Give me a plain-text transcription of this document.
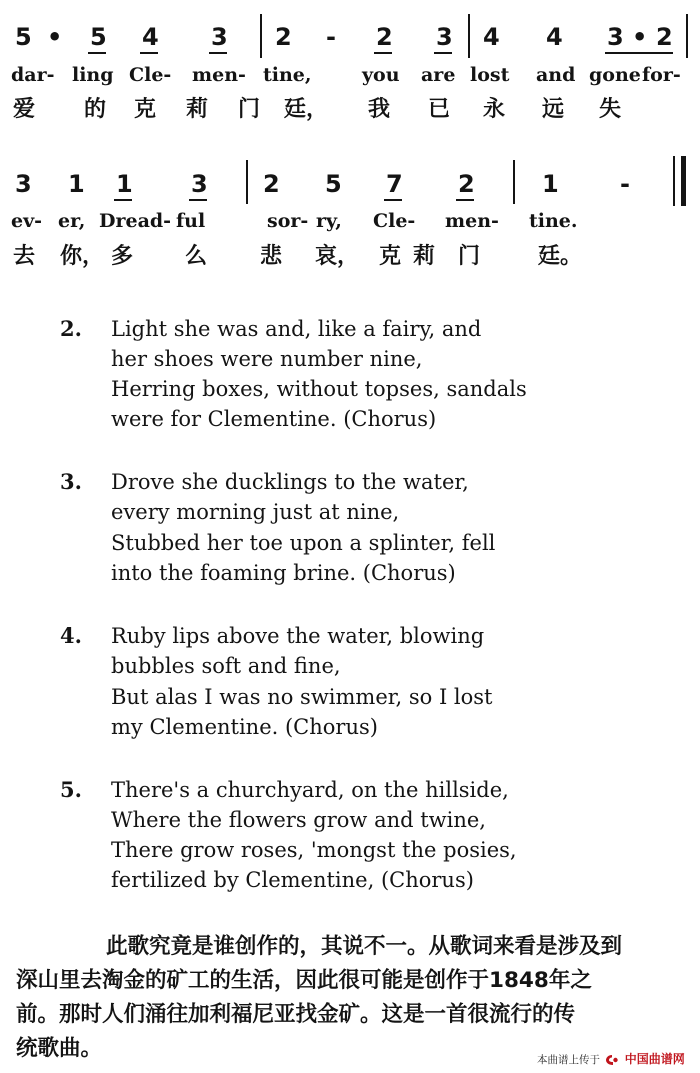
5 • 5 4 3 2 - 2 3 4 4 3 • 2
dar- ling Cle- men- tine,	you are lost and gone for-
爱 的 克 莉 门 廷， 我 已 永 远 失
3 1 1 3 2 5 7 2	1	-
ev- er, Dread- ful	sor- ry, Cle- men- tine.
去 你， 多 么 悲 哀， 克 莉 门	廷。
2. Light she was and, like a fairy, and
her shoes were number nine,
Herring boxes, without topses, sandals
were for Clementine. (Chorus)
3. Drove she ducklings to the water,
every morning just at nine,
Stubbed her toe upon a splinter, fell
into the foaming brine. (Chorus)
4. Ruby lips above the water, blowing
bubbles soft and fine,
But alas I was no swimmer, so I lost
my Clementine. (Chorus)
5. There's a churchyard, on the hillside,
Where the flowers grow and twine,
There grow roses, 'mongst the posies,
fertilized by Clementine, (Chorus)
此歌究竟是谁创作的，其说不一。从歌词来看是涉及到
深山里去淘金的矿工的生活，因此很可能是创作于1848年之
前。那时人们涌往加利福尼亚找金矿。这是一首很流行的传
统歌曲。	本曲谱上传于 中国曲谱网
